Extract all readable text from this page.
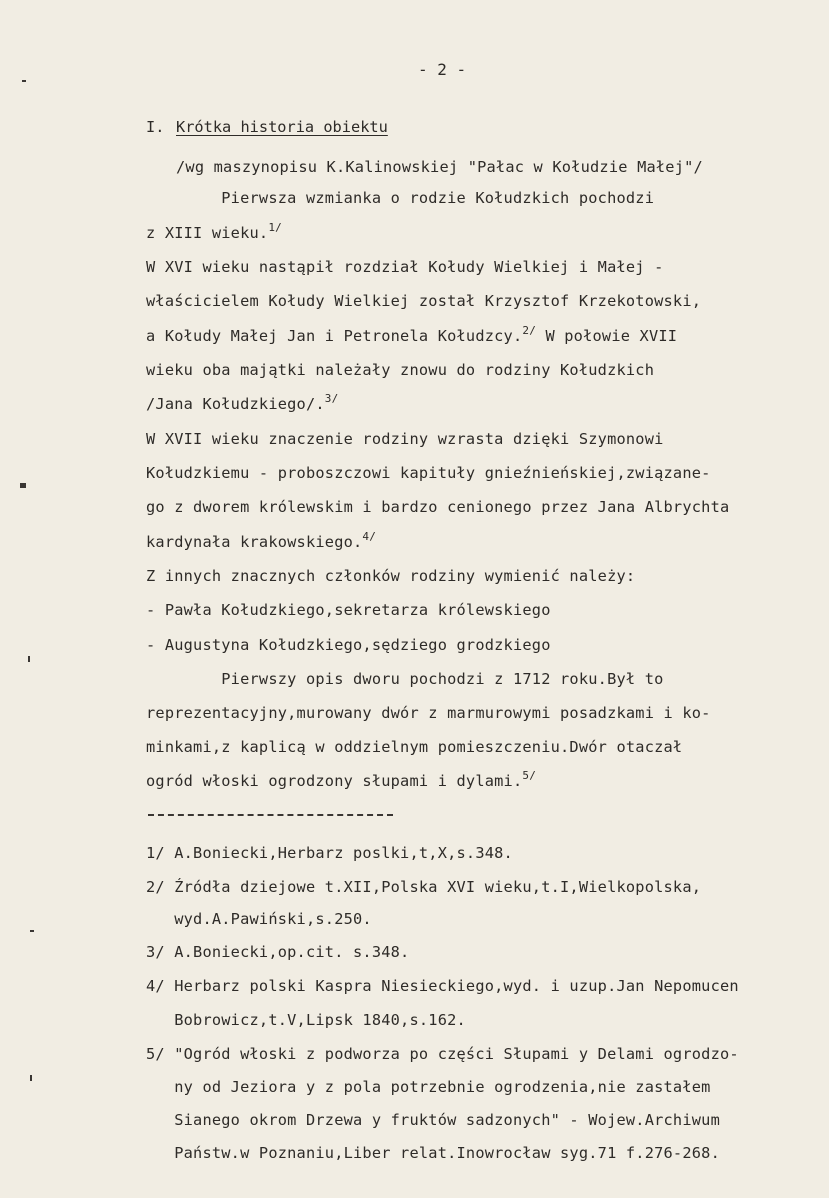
- 2 -
I. Krótka historia obiektu
/wg maszynopisu K.Kalinowskiej "Pałac w Kołudzie Małej"/
Pierwsza wzmianka o rodzie Kołudzkich pochodzi
z XIII wieku.$^{1/}$
W XVI wieku nastąpił rozdział Kołudy Wielkiej i Małej -
właścicielem Kołudy Wielkiej został Krzysztof Krzekotowski,
a Kołudy Małej Jan i Petronela Kołudzcy.$^{2/}$ W połowie XVII
wieku oba majątki należały znowu do rodziny Kołudzkich
/Jana Kołudzkiego/.$^{3/}$
W XVII wieku znaczenie rodziny wzrasta dzięki Szymonowi
Kołudzkiemu - proboszczowi kapituły gnieźnieńskiej,związane-
go z dworem królewskim i bardzo cenionego przez Jana Albrychta
kardynała krakowskiego.$^{4/}$
Z innych znacznych członków rodziny wymienić należy:
- Pawła Kołudzkiego,sekretarza królewskiego
- Augustyna Kołudzkiego,sędziego grodzkiego
Pierwszy opis dworu pochodzi z 1712 roku.Był to
reprezentacyjny,murowany dwór z marmurowymi posadzkami i ko-
minkami,z kaplicą w oddzielnym pomieszczeniu.Dwór otaczał
ogród włoski ogrodzony słupami i dylami.$^{5/}$
1/ A.Boniecki,Herbarz poslki,t,X,s.348.
2/ Źródła dziejowe t.XII,Polska XVI wieku,t.I,Wielkopolska,
wyd.A.Pawiński,s.250.
3/ A.Boniecki,op.cit. s.348.
4/ Herbarz polski Kaspra Niesieckiego,wyd. i uzup.Jan Nepomucen
Bobrowicz,t.V,Lipsk 1840,s.162.
5/ "Ogród włoski z podworza po części Słupami y Delami ogrodzo-
ny od Jeziora y z pola potrzebnie ogrodzenia,nie zastałem
Sianego okrom Drzewa y fruktów sadzonych" - Wojew.Archiwum
Państw.w Poznaniu,Liber relat.Inowrocław syg.71 f.276-268.
